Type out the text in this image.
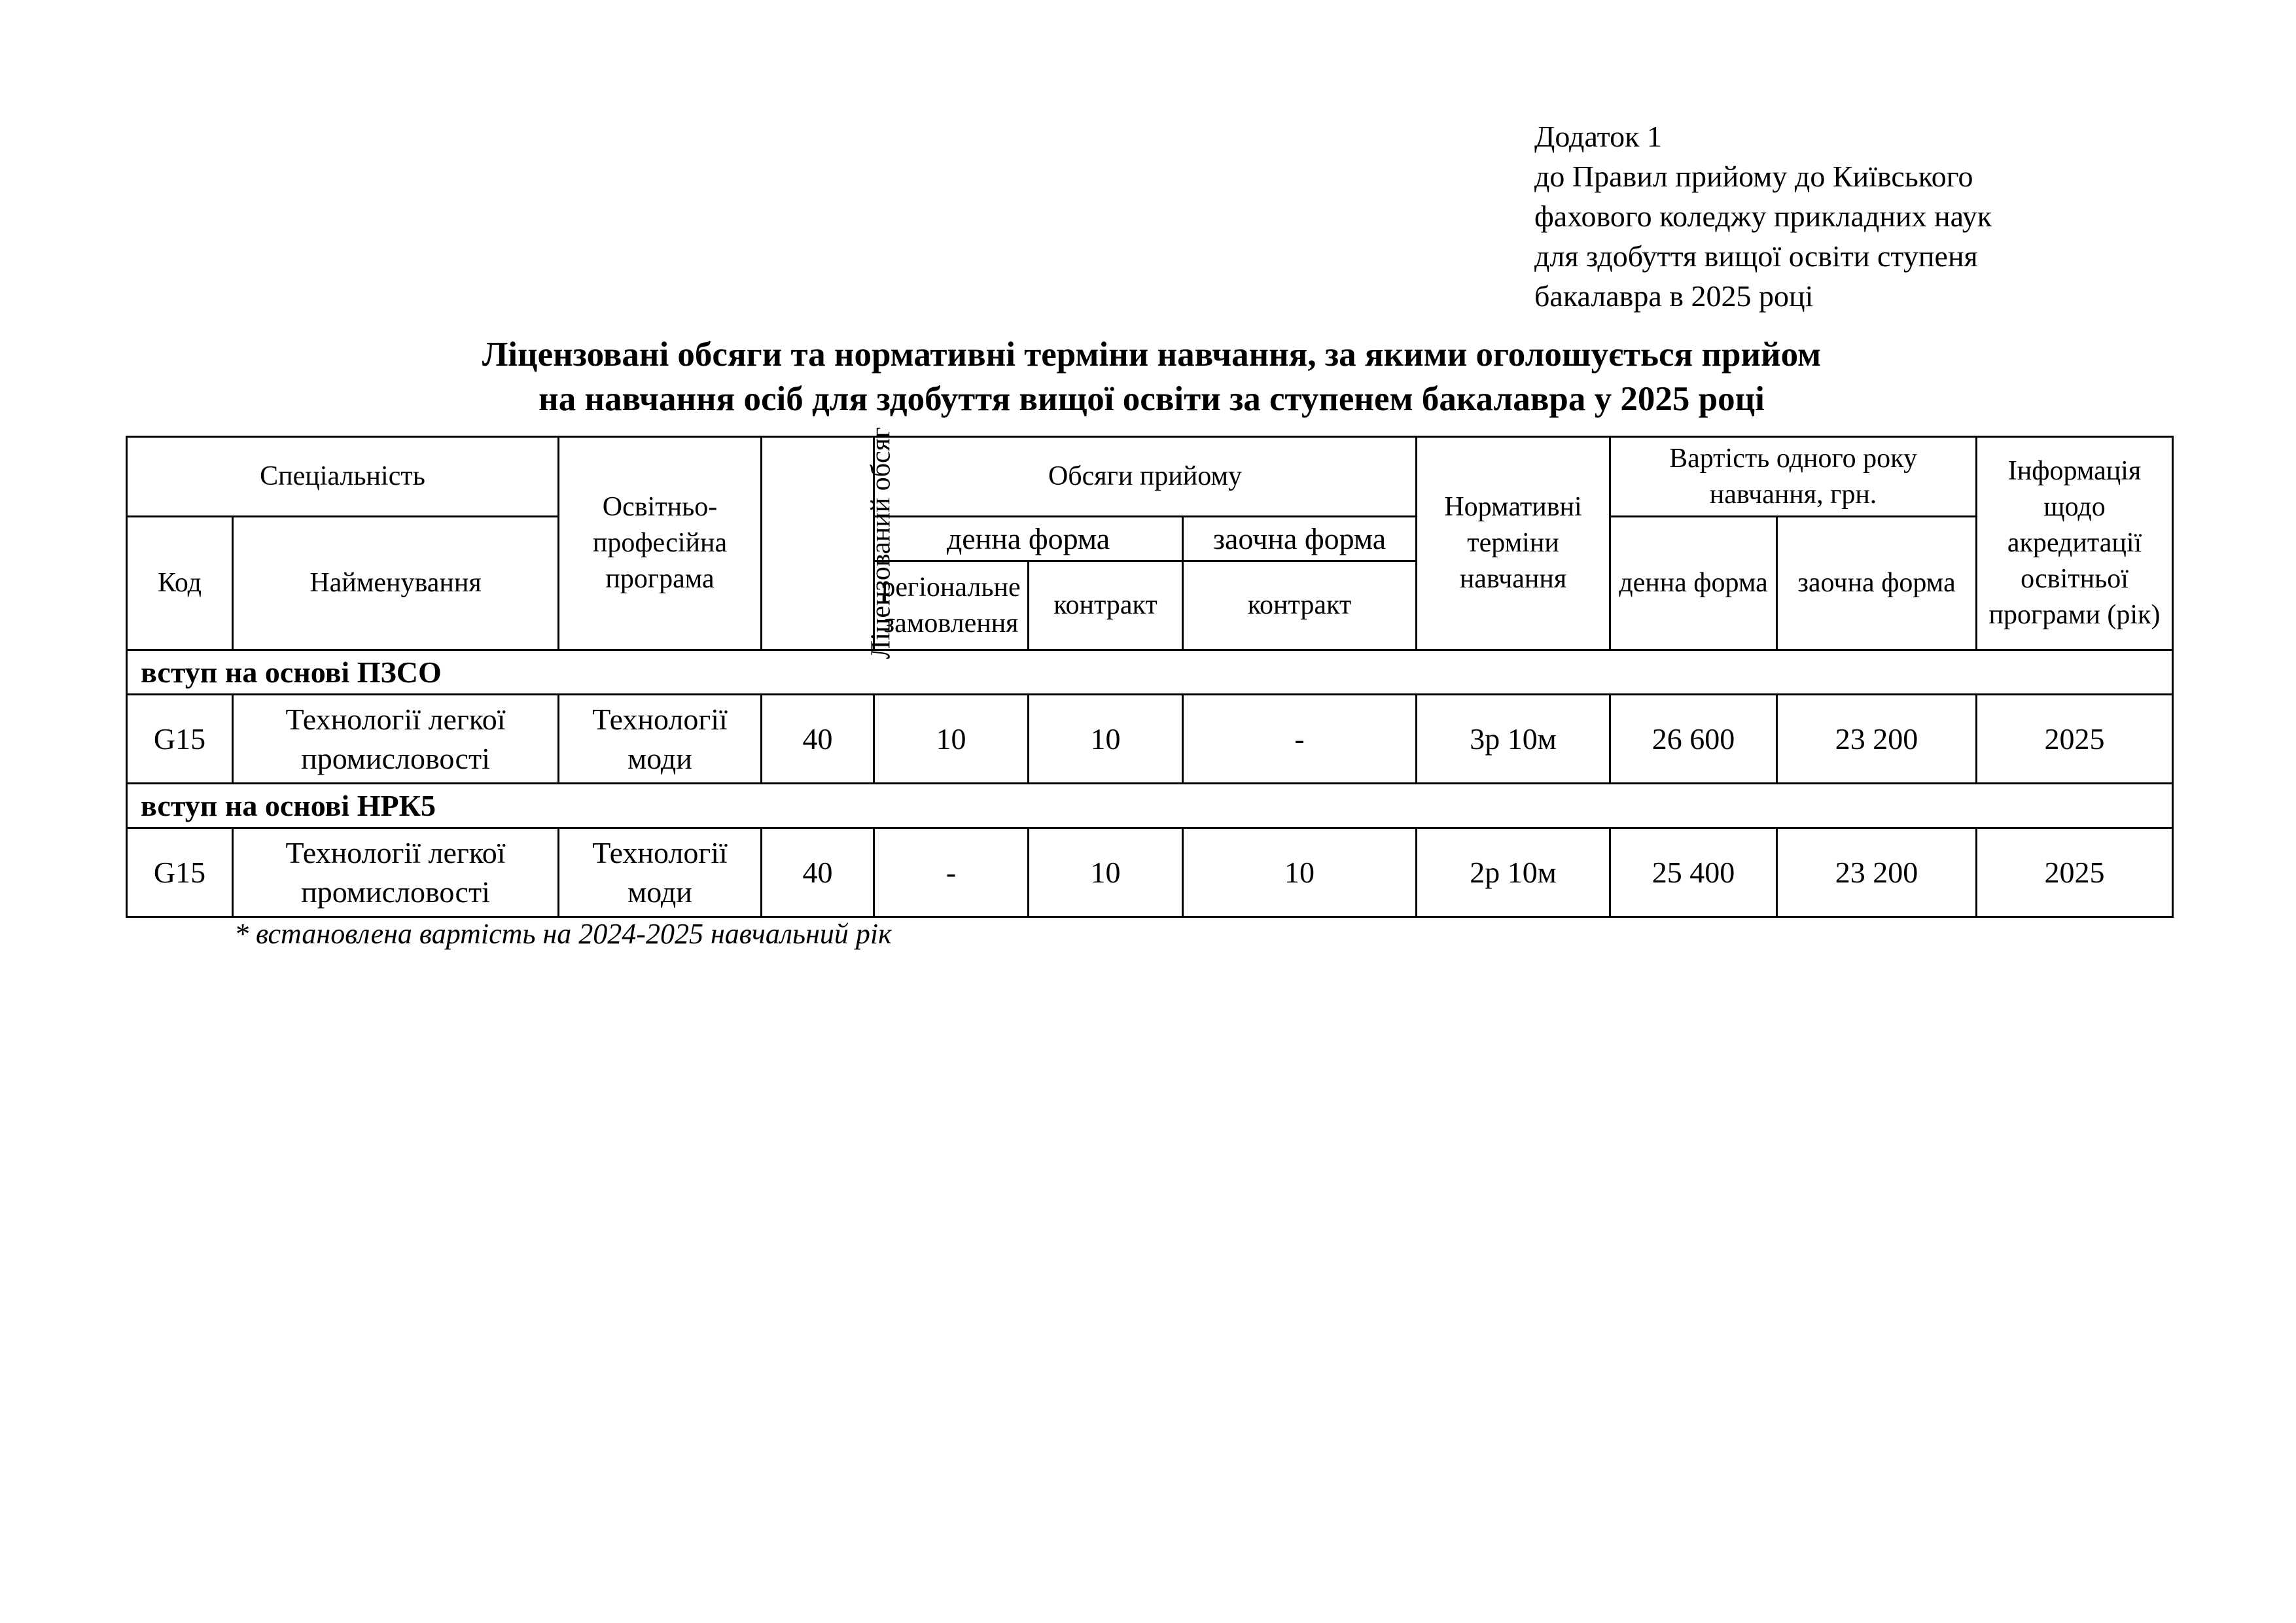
Додаток 1
до Правил прийому до Київського
фахового коледжу прикладних наук
для здобуття вищої освіти ступеня
бакалавра в 2025 році
Ліцензовані обсяги та нормативні терміни навчання, за якими оголошується прийом
на навчання осіб для здобуття вищої освіти за ступенем бакалавра у 2025 році
Спеціальність		Освітньо-професійна програма	Ліцензований обсяг	Обсяги прийому			Нормативні терміни навчання	Вартість одного року навчання, грн.		Інформація щодо акредитації освітньої програми (рік)
Код	Найменування			денна форма		заочна форма		денна форма	заочна форма	
				регіональне замовлення	контракт	контракт				
вступ на основі ПЗСО										
G15	Технології легкої промисловості	Технології моди	40	10	10	-	3р 10м	26 600	23 200	2025
вступ на основі НРК5										
G15	Технології легкої промисловості	Технології моди	40	-	10	10	2р 10м	25 400	23 200	2025
* встановлена вартість на 2024-2025 навчальний рік
